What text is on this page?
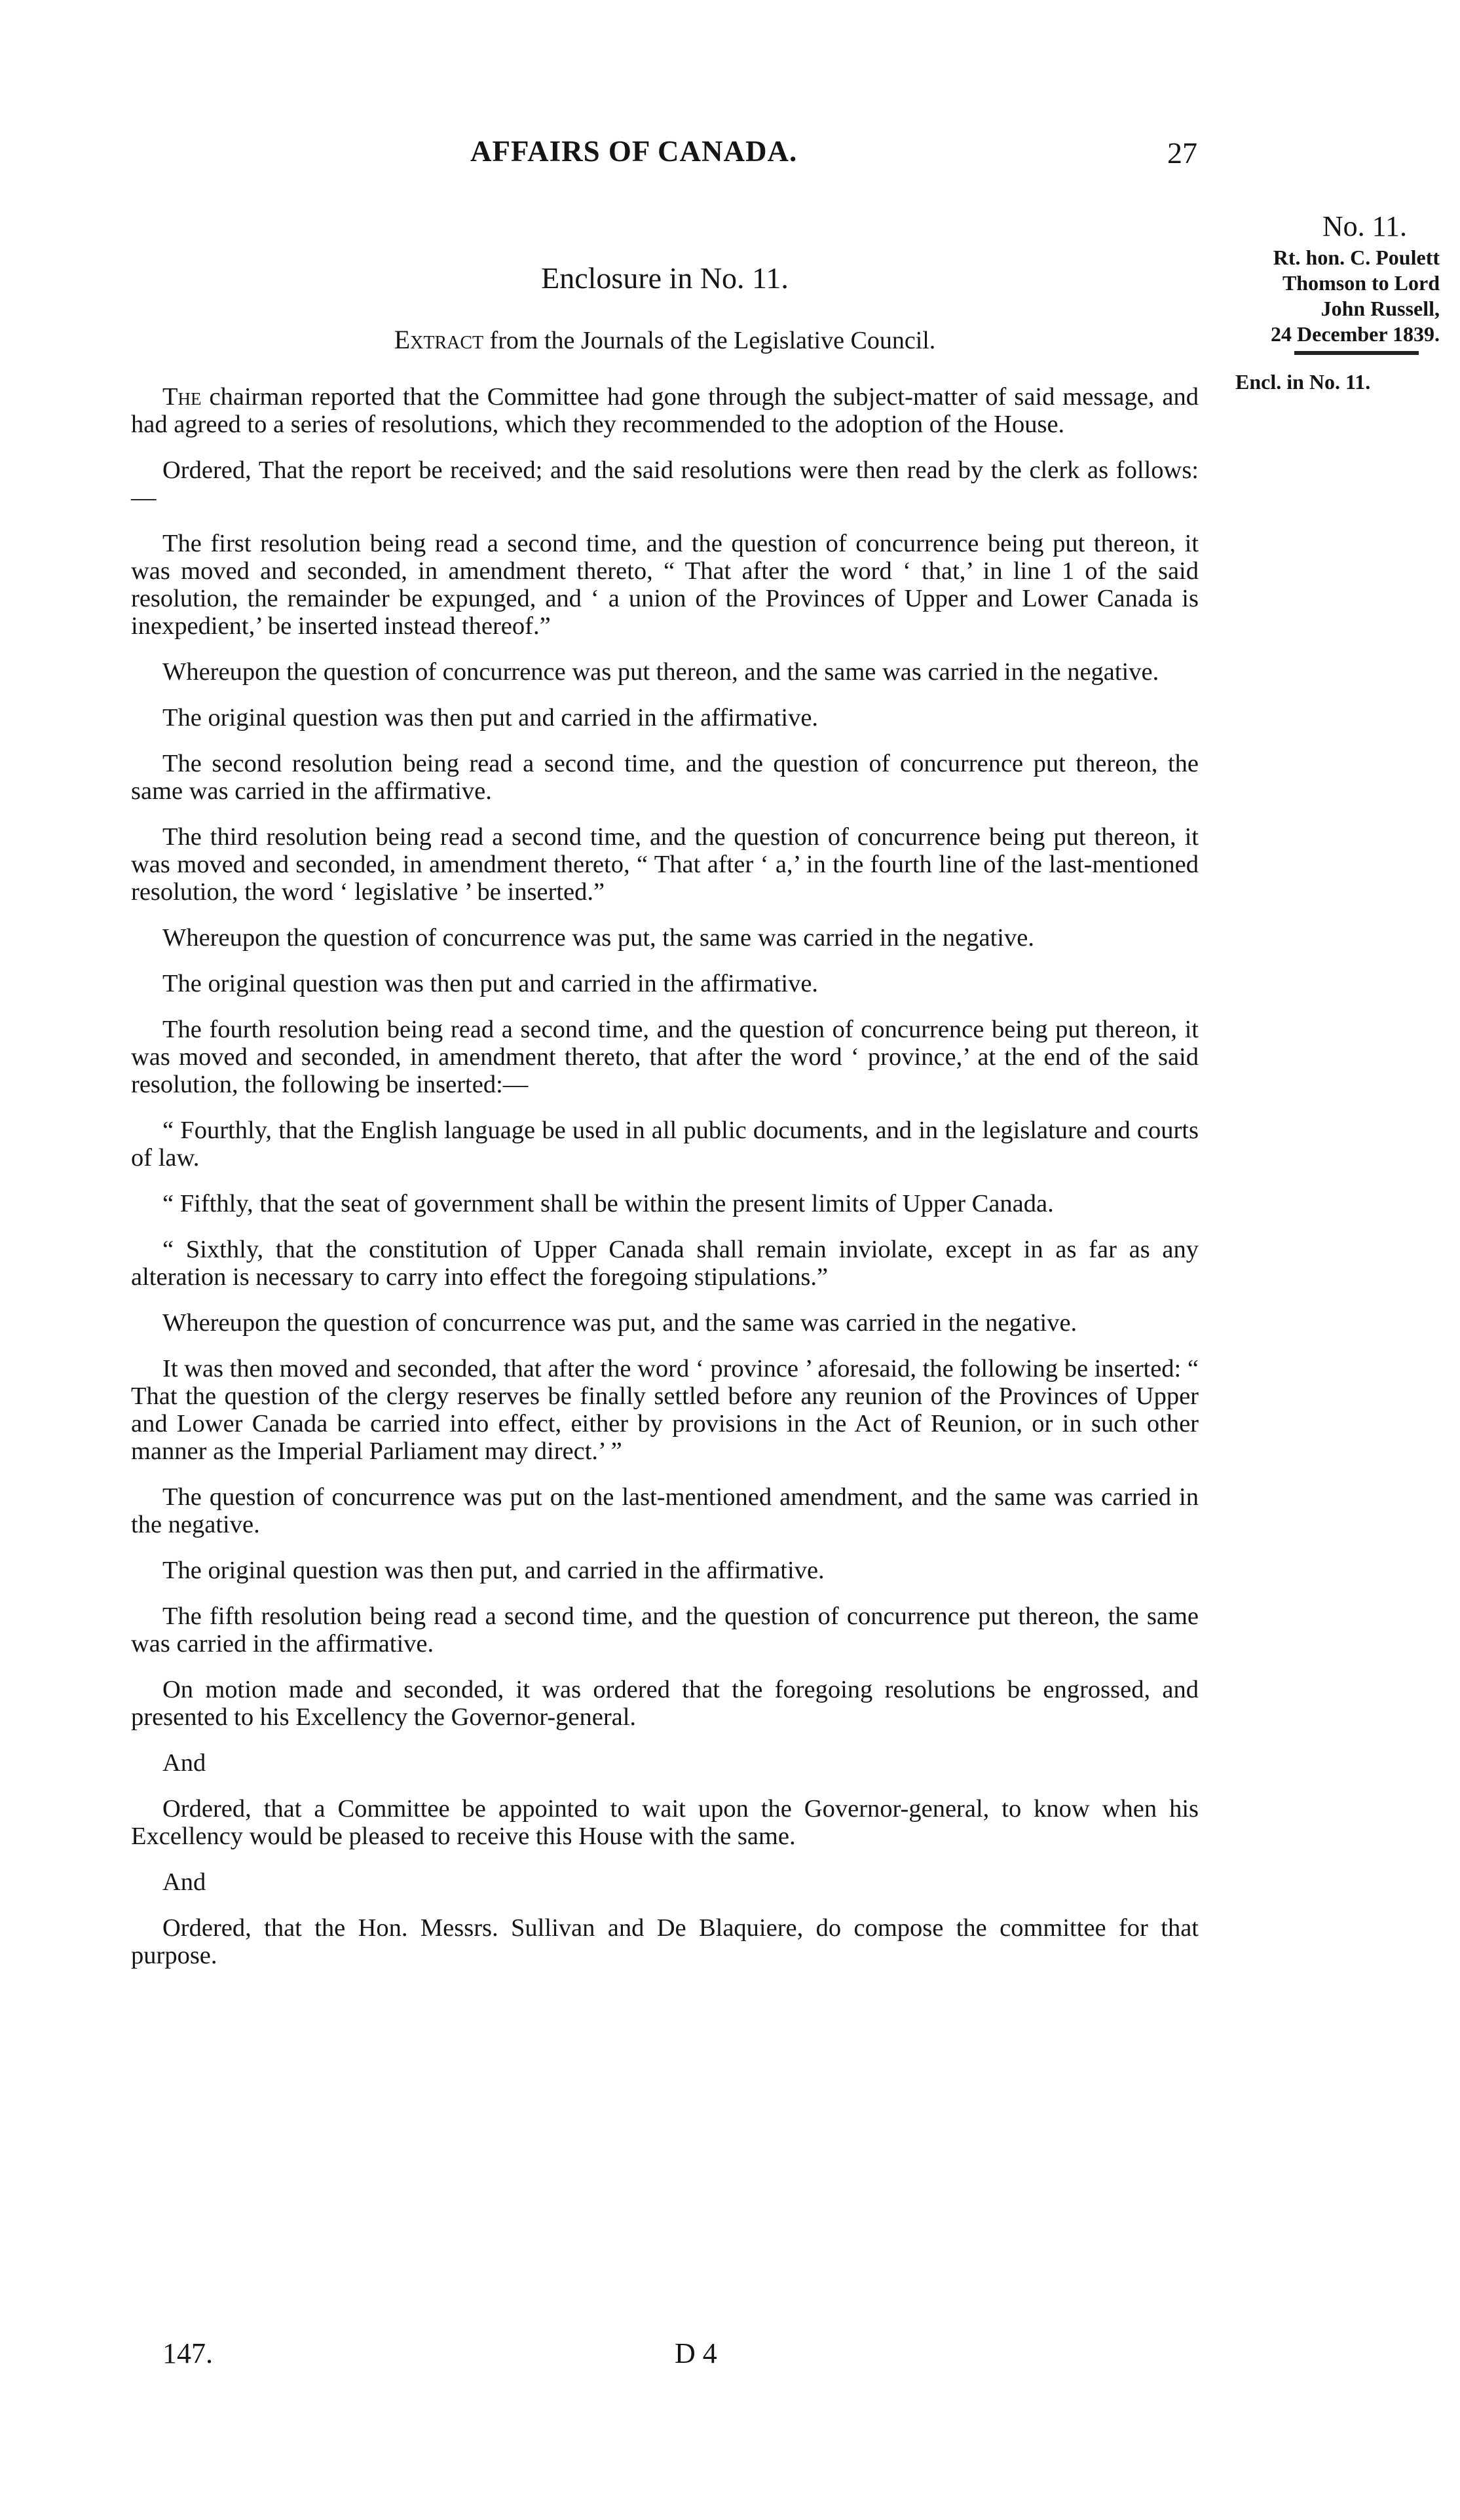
AFFAIRS OF CANADA.	27
No. 11.
Rt. hon. C. Poulett
Thomson to Lord
John Russell,
24 December 1839.
Encl. in No. 11.
Enclosure in No. 11.
Extract from the Journals of the Legislative Council.

The chairman reported that the Committee had gone through the subject-matter of said message, and had agreed to a series of resolutions, which they recommended to the adoption of the House.

Ordered, That the report be received; and the said resolutions were then read by the clerk as follows:—

The first resolution being read a second time, and the question of concurrence being put thereon, it was moved and seconded, in amendment thereto, “ That after the word ‘ that,’ in line 1 of the said resolution, the remainder be expunged, and ‘ a union of the Provinces of Upper and Lower Canada is inexpedient,’ be inserted instead thereof.”

Whereupon the question of concurrence was put thereon, and the same was carried in the negative.

The original question was then put and carried in the affirmative.

The second resolution being read a second time, and the question of concurrence put thereon, the same was carried in the affirmative.

The third resolution being read a second time, and the question of concurrence being put thereon, it was moved and seconded, in amendment thereto, “ That after ‘ a,’ in the fourth line of the last-mentioned resolution, the word ‘ legislative ’ be inserted.”

Whereupon the question of concurrence was put, the same was carried in the negative.

The original question was then put and carried in the affirmative.

The fourth resolution being read a second time, and the question of concurrence being put thereon, it was moved and seconded, in amendment thereto, that after the word ‘ province,’ at the end of the said resolution, the following be inserted:—

“ Fourthly, that the English language be used in all public documents, and in the legislature and courts of law.

“ Fifthly, that the seat of government shall be within the present limits of Upper Canada.

“ Sixthly, that the constitution of Upper Canada shall remain inviolate, except in as far as any alteration is necessary to carry into effect the foregoing stipulations.”

Whereupon the question of concurrence was put, and the same was carried in the negative.

It was then moved and seconded, that after the word ‘ province ’ aforesaid, the following be inserted: “ That the question of the clergy reserves be finally settled before any reunion of the Provinces of Upper and Lower Canada be carried into effect, either by provisions in the Act of Reunion, or in such other manner as the Imperial Parliament may direct.’ ”

The question of concurrence was put on the last-mentioned amendment, and the same was carried in the negative.

The original question was then put, and carried in the affirmative.

The fifth resolution being read a second time, and the question of concurrence put thereon, the same was carried in the affirmative.

On motion made and seconded, it was ordered that the foregoing resolutions be engrossed, and presented to his Excellency the Governor-general.

And

Ordered, that a Committee be appointed to wait upon the Governor-general, to know when his Excellency would be pleased to receive this House with the same.

And

Ordered, that the Hon. Messrs. Sullivan and De Blaquiere, do compose the committee for that purpose.

147.	D 4
